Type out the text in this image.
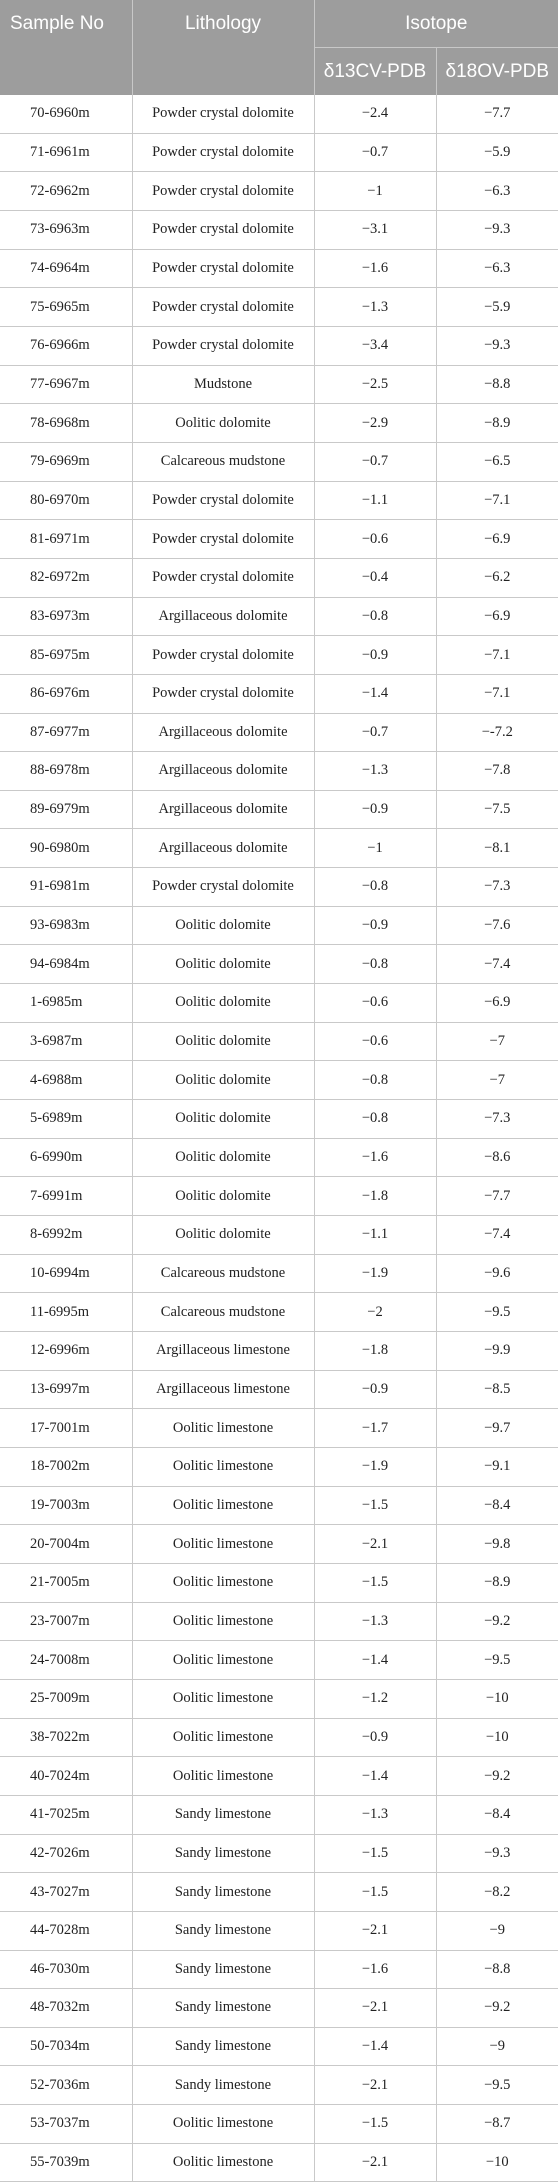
Sample No	Lithology	Isotope	
		δ13CV-PDB	δ18OV-PDB
70-6960m	Powder crystal dolomite	−2.4	−7.7
71-6961m	Powder crystal dolomite	−0.7	−5.9
72-6962m	Powder crystal dolomite	−1	−6.3
73-6963m	Powder crystal dolomite	−3.1	−9.3
74-6964m	Powder crystal dolomite	−1.6	−6.3
75-6965m	Powder crystal dolomite	−1.3	−5.9
76-6966m	Powder crystal dolomite	−3.4	−9.3
77-6967m	Mudstone	−2.5	−8.8
78-6968m	Oolitic dolomite	−2.9	−8.9
79-6969m	Calcareous mudstone	−0.7	−6.5
80-6970m	Powder crystal dolomite	−1.1	−7.1
81-6971m	Powder crystal dolomite	−0.6	−6.9
82-6972m	Powder crystal dolomite	−0.4	−6.2
83-6973m	Argillaceous dolomite	−0.8	−6.9
85-6975m	Powder crystal dolomite	−0.9	−7.1
86-6976m	Powder crystal dolomite	−1.4	−7.1
87-6977m	Argillaceous dolomite	−0.7	−-7.2
88-6978m	Argillaceous dolomite	−1.3	−7.8
89-6979m	Argillaceous dolomite	−0.9	−7.5
90-6980m	Argillaceous dolomite	−1	−8.1
91-6981m	Powder crystal dolomite	−0.8	−7.3
93-6983m	Oolitic dolomite	−0.9	−7.6
94-6984m	Oolitic dolomite	−0.8	−7.4
1-6985m	Oolitic dolomite	−0.6	−6.9
3-6987m	Oolitic dolomite	−0.6	−7
4-6988m	Oolitic dolomite	−0.8	−7
5-6989m	Oolitic dolomite	−0.8	−7.3
6-6990m	Oolitic dolomite	−1.6	−8.6
7-6991m	Oolitic dolomite	−1.8	−7.7
8-6992m	Oolitic dolomite	−1.1	−7.4
10-6994m	Calcareous mudstone	−1.9	−9.6
11-6995m	Calcareous mudstone	−2	−9.5
12-6996m	Argillaceous limestone	−1.8	−9.9
13-6997m	Argillaceous limestone	−0.9	−8.5
17-7001m	Oolitic limestone	−1.7	−9.7
18-7002m	Oolitic limestone	−1.9	−9.1
19-7003m	Oolitic limestone	−1.5	−8.4
20-7004m	Oolitic limestone	−2.1	−9.8
21-7005m	Oolitic limestone	−1.5	−8.9
23-7007m	Oolitic limestone	−1.3	−9.2
24-7008m	Oolitic limestone	−1.4	−9.5
25-7009m	Oolitic limestone	−1.2	−10
38-7022m	Oolitic limestone	−0.9	−10
40-7024m	Oolitic limestone	−1.4	−9.2
41-7025m	Sandy limestone	−1.3	−8.4
42-7026m	Sandy limestone	−1.5	−9.3
43-7027m	Sandy limestone	−1.5	−8.2
44-7028m	Sandy limestone	−2.1	−9
46-7030m	Sandy limestone	−1.6	−8.8
48-7032m	Sandy limestone	−2.1	−9.2
50-7034m	Sandy limestone	−1.4	−9
52-7036m	Sandy limestone	−2.1	−9.5
53-7037m	Oolitic limestone	−1.5	−8.7
55-7039m	Oolitic limestone	−2.1	−10
